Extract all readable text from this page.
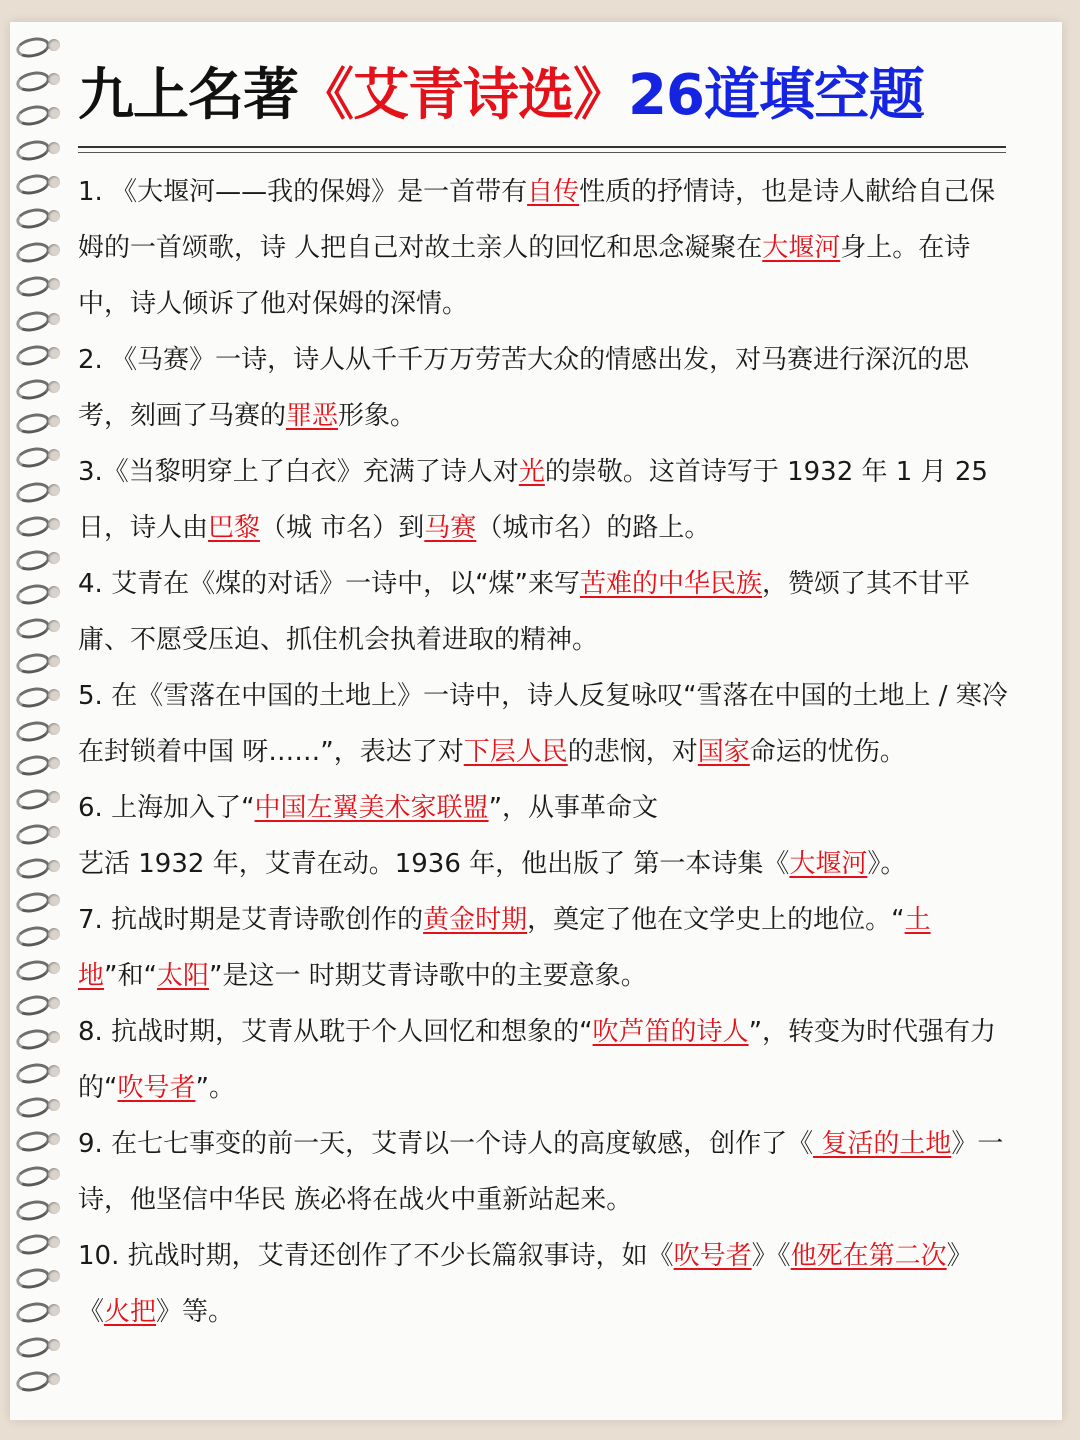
九上名著《艾青诗选》26道填空题

1. 《大堰河——我的保姆》是一首带有自传性质的抒情诗，也是诗人献给自己保姆的一首颂歌，诗 人把自己对故土亲人的回忆和思念凝聚在大堰河身上。在诗中，诗人倾诉了他对保姆的深情。

2. 《马赛》一诗，诗人从千千万万劳苦大众的情感出发，对马赛进行深沉的思考，刻画了马赛的罪恶形象。

3.《当黎明穿上了白衣》充满了诗人对光的崇敬。这首诗写于 1932 年 1 月 25 日，诗人由巴黎（城 市名）到马赛（城市名）的路上。

4. 艾青在《煤的对话》一诗中，以“煤”来写苦难的中华民族，赞颂了其不甘平庸、不愿受压迫、抓住机会执着进取的精神。

5. 在《雪落在中国的土地上》一诗中，诗人反复咏叹“雪落在中国的土地上 / 寒冷在封锁着中国 呀……”，表达了对下层人民的悲悯，对国家命运的忧伤。

6. 上海加入了“中国左翼美术家联盟”，从事革命文
艺活 1932 年，艾青在动。1936 年，他出版了 第一本诗集《大堰河》。

7. 抗战时期是艾青诗歌创作的黄金时期，奠定了他在文学史上的地位。“土地”和“太阳”是这一 时期艾青诗歌中的主要意象。

8. 抗战时期，艾青从耽于个人回忆和想象的“吹芦笛的诗人”，转变为时代强有力的“吹号者”。

9. 在七七事变的前一天，艾青以一个诗人的高度敏感，创作了《 复活的土地》一诗，他坚信中华民 族必将在战火中重新站起来。

10. 抗战时期，艾青还创作了不少长篇叙事诗，如《吹号者》《他死在第二次》《火把》等。
